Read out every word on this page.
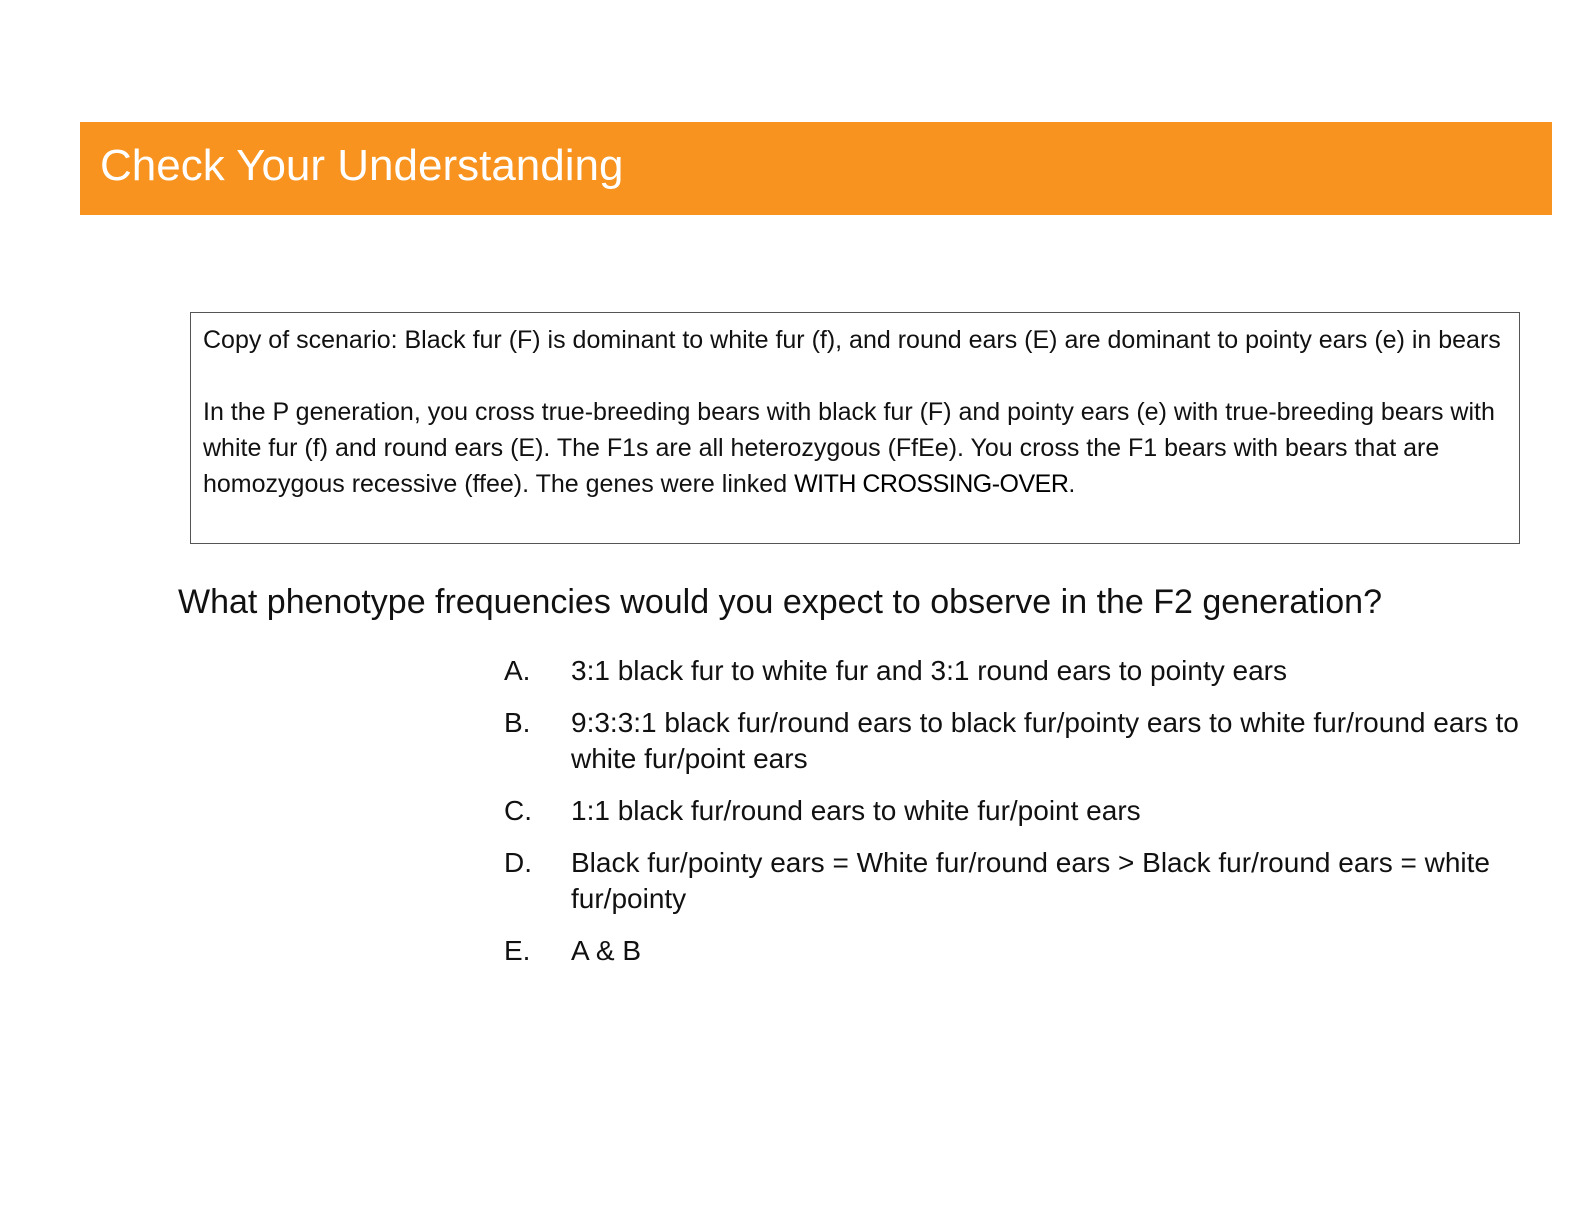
Check Your Understanding

Copy of scenario: Black fur (F) is dominant to white fur (f), and round ears (E) are dominant to pointy ears (e) in bears

In the P generation, you cross true-breeding bears with black fur (F) and pointy ears (e) with true-breeding bears with white fur (f) and round ears (E). The F1s are all heterozygous (FfEe). You cross the F1 bears with bears that are homozygous recessive (ffee). The genes were linked WITH CROSSING-OVER.

What phenotype frequencies would you expect to observe in the F2 generation?
A.	3:1 black fur to white fur and 3:1 round ears to pointy ears
B.	9:3:3:1 black fur/round ears to black fur/pointy ears to white fur/round ears to white fur/point ears
C.	1:1 black fur/round ears to white fur/point ears
D.	Black fur/pointy ears = White fur/round ears > Black fur/round ears = white fur/pointy
E.	A & B
